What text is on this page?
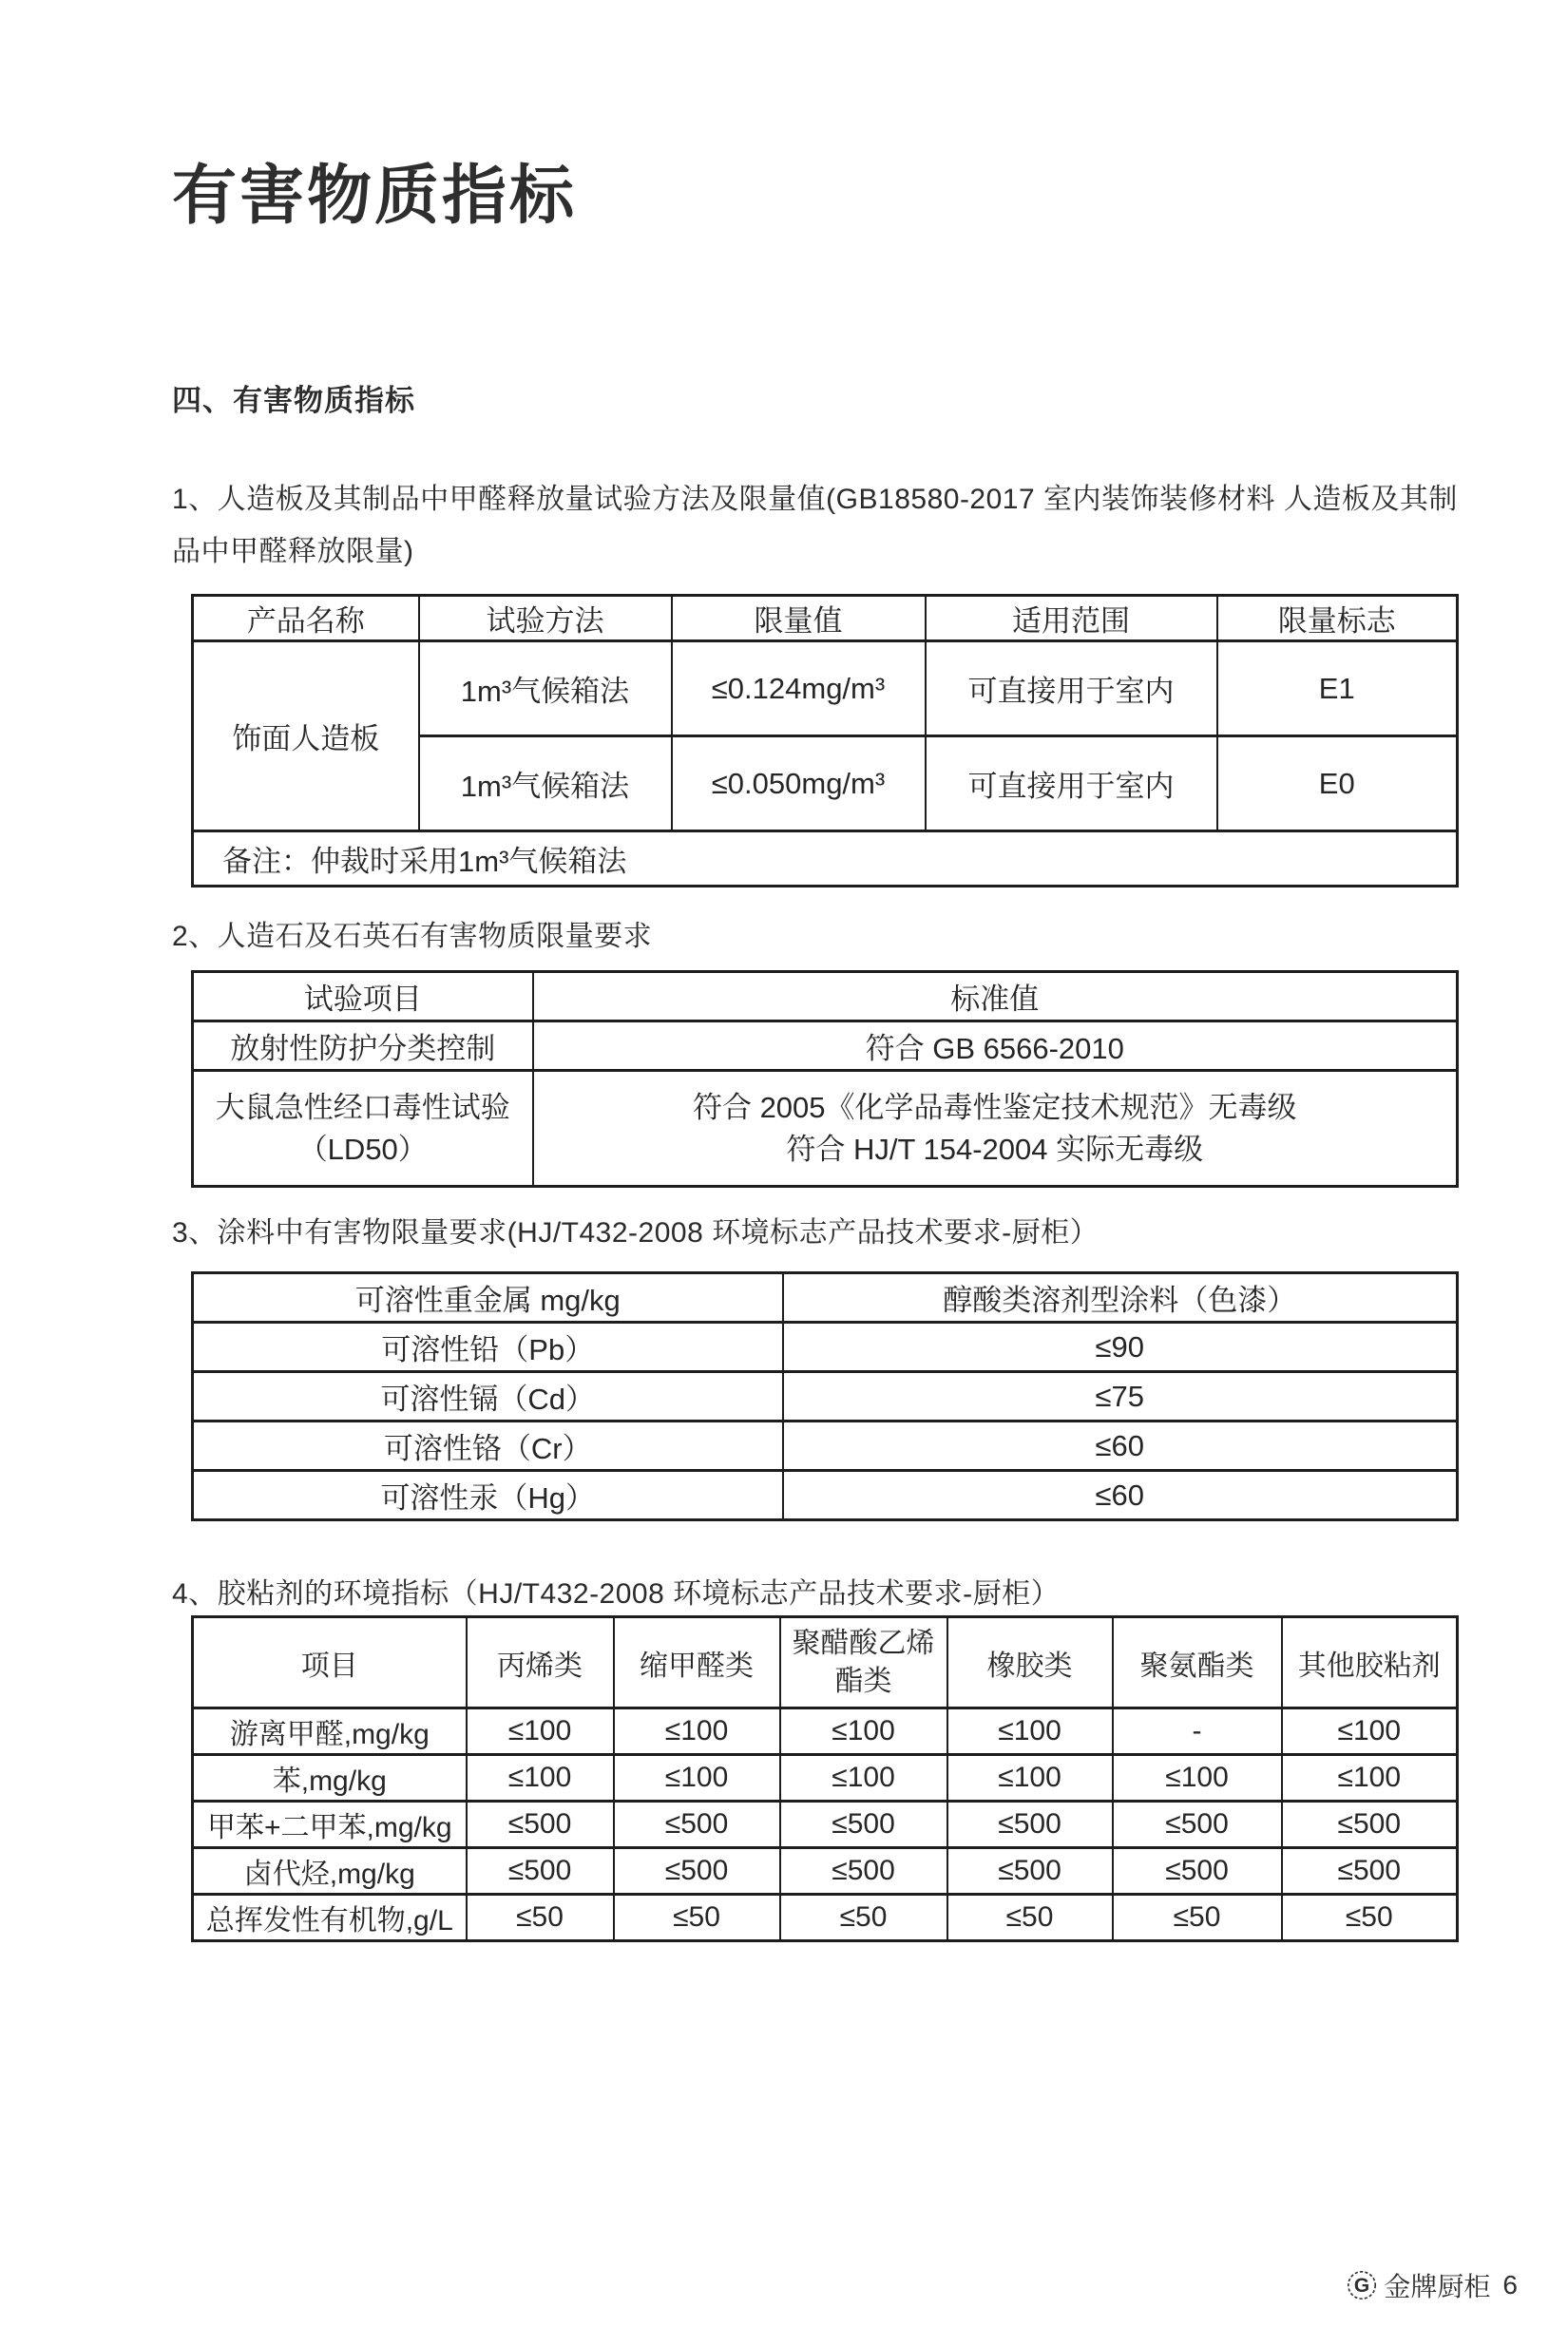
有害物质指标
四、有害物质指标

1、人造板及其制品中甲醛释放量试验方法及限量值(GB18580-2017 室内装饰装修材料 人造板及其制品中甲醛释放限量)

产品名称	试验方法	限量值	适用范围	限量标志
饰面人造板	1m³气候箱法	≤0.124mg/m³	可直接用于室内	E1
	1m³气候箱法	≤0.050mg/m³	可直接用于室内	E0
备注：仲裁时采用1m³气候箱法				

2、人造石及石英石有害物质限量要求

试验项目	标准值
放射性防护分类控制	符合 GB 6566-2010

大鼠急性经口毒性试验
（LD50）	符合 2005《化学品毒性鉴定技术规范》无毒级
符合 HJ/T 154-2004 实际无毒级

3、涂料中有害物限量要求(HJ/T432-2008 环境标志产品技术要求-厨柜）

可溶性重金属 mg/kg	醇酸类溶剂型涂料（色漆）
可溶性铅（Pb）	≤90
可溶性镉（Cd）	≤75
可溶性铬（Cr）	≤60
可溶性汞（Hg）	≤60

4、胶粘剂的环境指标（HJ/T432-2008 环境标志产品技术要求-厨柜）

项目	丙烯类	缩甲醛类	聚醋酸乙烯酯类	橡胶类	聚氨酯类	其他胶粘剂
游离甲醛,mg/kg	≤100	≤100	≤100	≤100	-	≤100
苯,mg/kg	≤100	≤100	≤100	≤100	≤100	≤100
甲苯+二甲苯,mg/kg	≤500	≤500	≤500	≤500	≤500	≤500
卤代烃,mg/kg	≤500	≤500	≤500	≤500	≤500	≤500
总挥发性有机物,g/L	≤50	≤50	≤50	≤50	≤50	≤50
G 金牌厨柜 6
